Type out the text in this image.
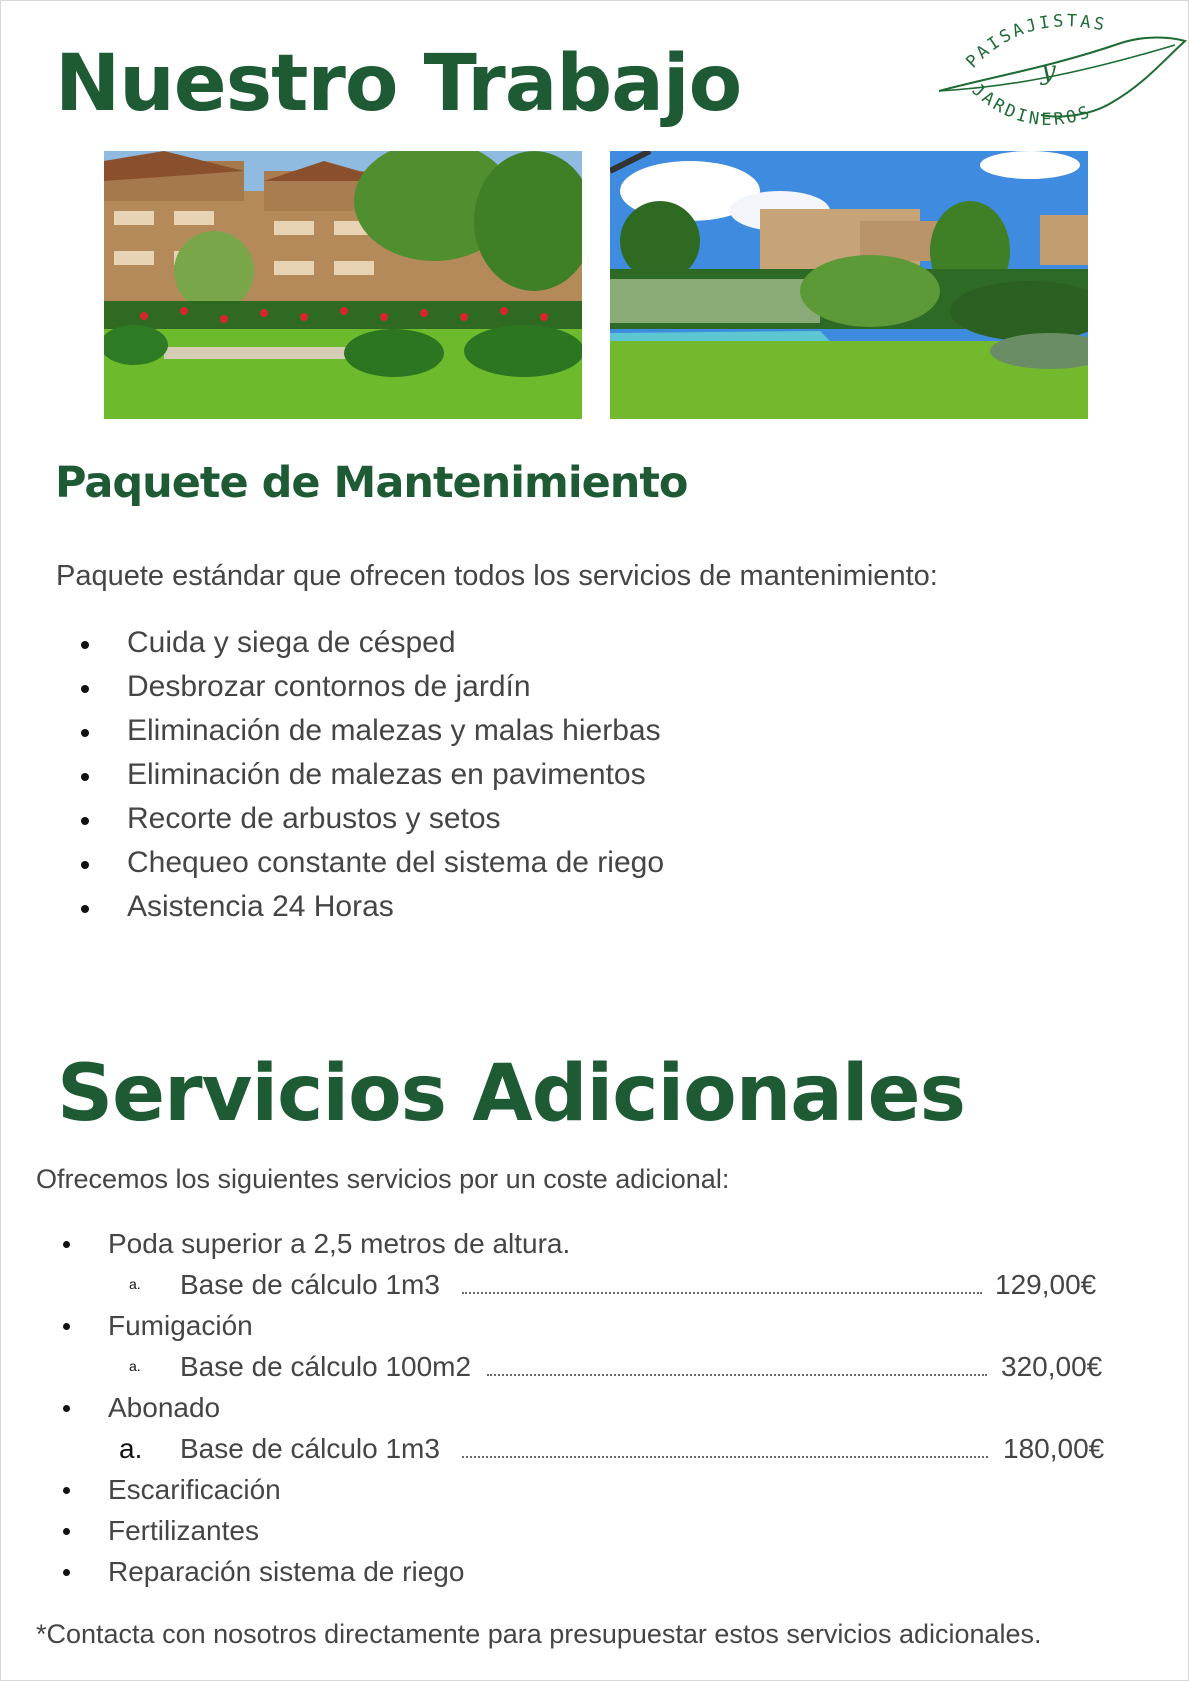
Nuestro Trabajo	PAISAJISTAS
y
JARDINEROS
Paquete de Mantenimiento

Paquete estándar que ofrecen todos los servicios de mantenimiento:

Cuida y siega de césped
Desbrozar contornos de jardín
Eliminación de malezas y malas hierbas
Eliminación de malezas en pavimentos
Recorte de arbustos y setos
Chequeo constante del sistema de riego
Asistencia 24 Horas
Servicios Adicionales

Ofrecemos los siguientes servicios por un coste adicional:

Poda superior a 2,5 metros de altura.
a. Base de cálculo 1m3	129,00€
Fumigación
a. Base de cálculo 100m2	320,00€
Abonado
a. Base de cálculo 1m3	180,00€
Escarificación
Fertilizantes
Reparación sistema de riego

*Contacta con nosotros directamente para presupuestar estos servicios adicionales.
